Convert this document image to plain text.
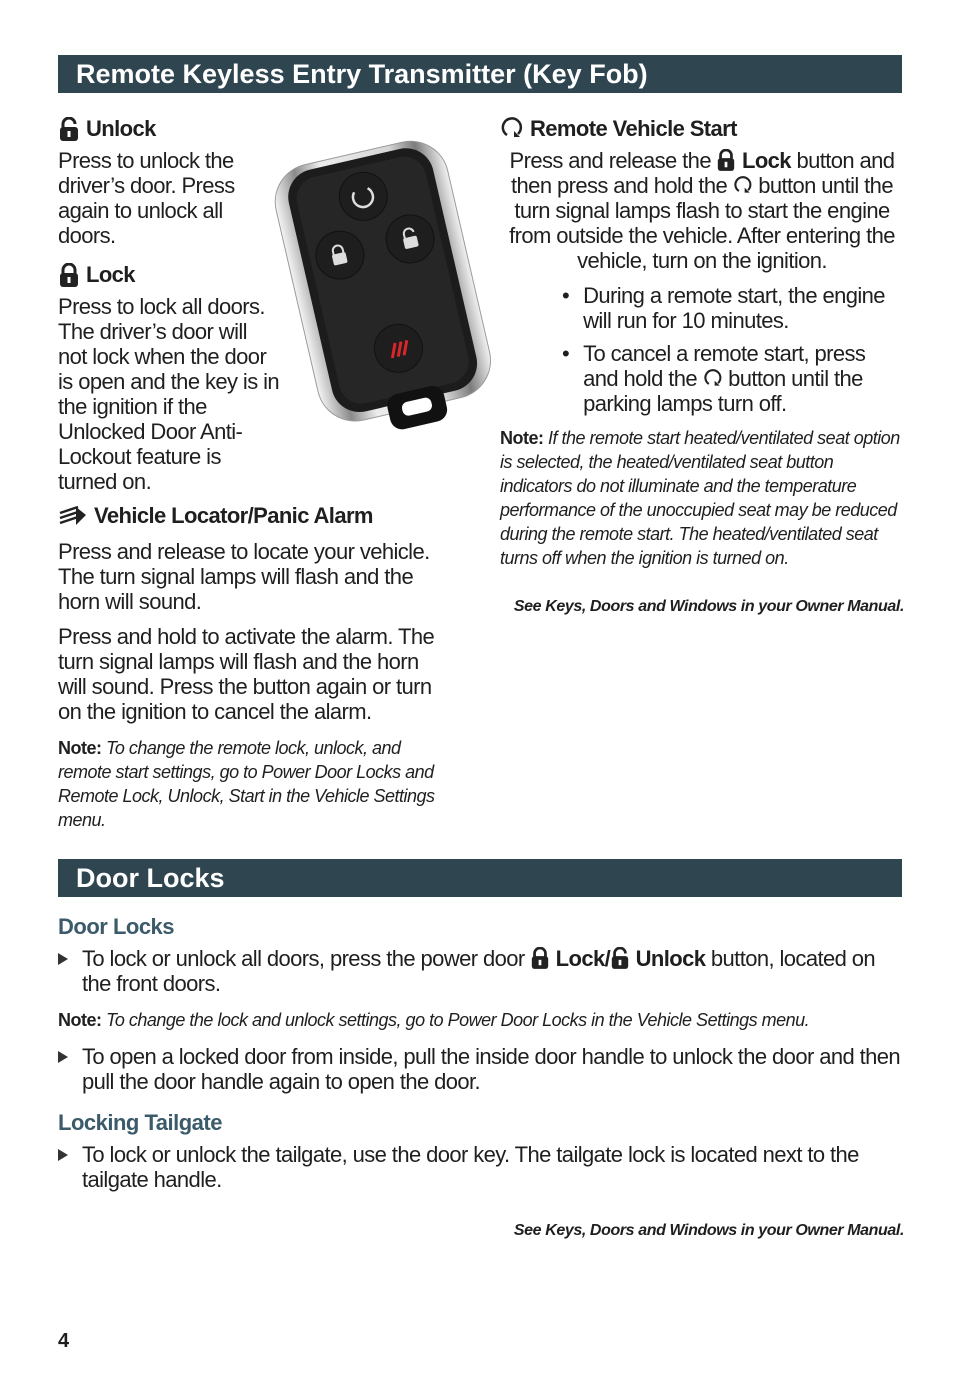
Remote Keyless Entry Transmitter (Key Fob)
Unlock

Press to unlock the driver’s door. Press again to unlock all doors.

Lock

Press to lock all doors. The driver’s door will not lock when the door is open and the key is in the ignition if the Unlocked Door Anti-Lockout feature is turned on.

Vehicle Locator/Panic Alarm

Press and release to locate your vehicle. The turn signal lamps will flash and the horn will sound.

Press and hold to activate the alarm. The turn signal lamps will flash and the horn will sound. Press the button again or turn on the ignition to cancel the alarm.

Note: To change the remote lock, unlock, and remote start settings, go to Power Door Locks and Remote Lock, Unlock, Start in the Vehicle Settings menu.

Remote Vehicle Start

Press and release the Lock button and then press and hold the button until the turn signal lamps flash to start the engine from outside the vehicle. After entering the vehicle, turn on the ignition.

• During a remote start, the engine will run for 10 minutes.
• To cancel a remote start, press and hold the button until the parking lamps turn off.

Note: If the remote start heated/ventilated seat option is selected, the heated/ventilated seat button indicators do not illuminate and the temperature performance of the unoccupied seat may be reduced during the remote start. The heated/ventilated seat turns off when the ignition is turned on.

See Keys, Doors and Windows in your Owner Manual.

Door Locks
Door Locks
To lock or unlock all doors, press the power door Lock/ Unlock button, located on the front doors.

Note: To change the lock and unlock settings, go to Power Door Locks in the Vehicle Settings menu.

To open a locked door from inside, pull the inside door handle to unlock the door and then pull the door handle again to open the door.
Locking Tailgate
To lock or unlock the tailgate, use the door key. The tailgate lock is located next to the tailgate handle.

See Keys, Doors and Windows in your Owner Manual.

4
